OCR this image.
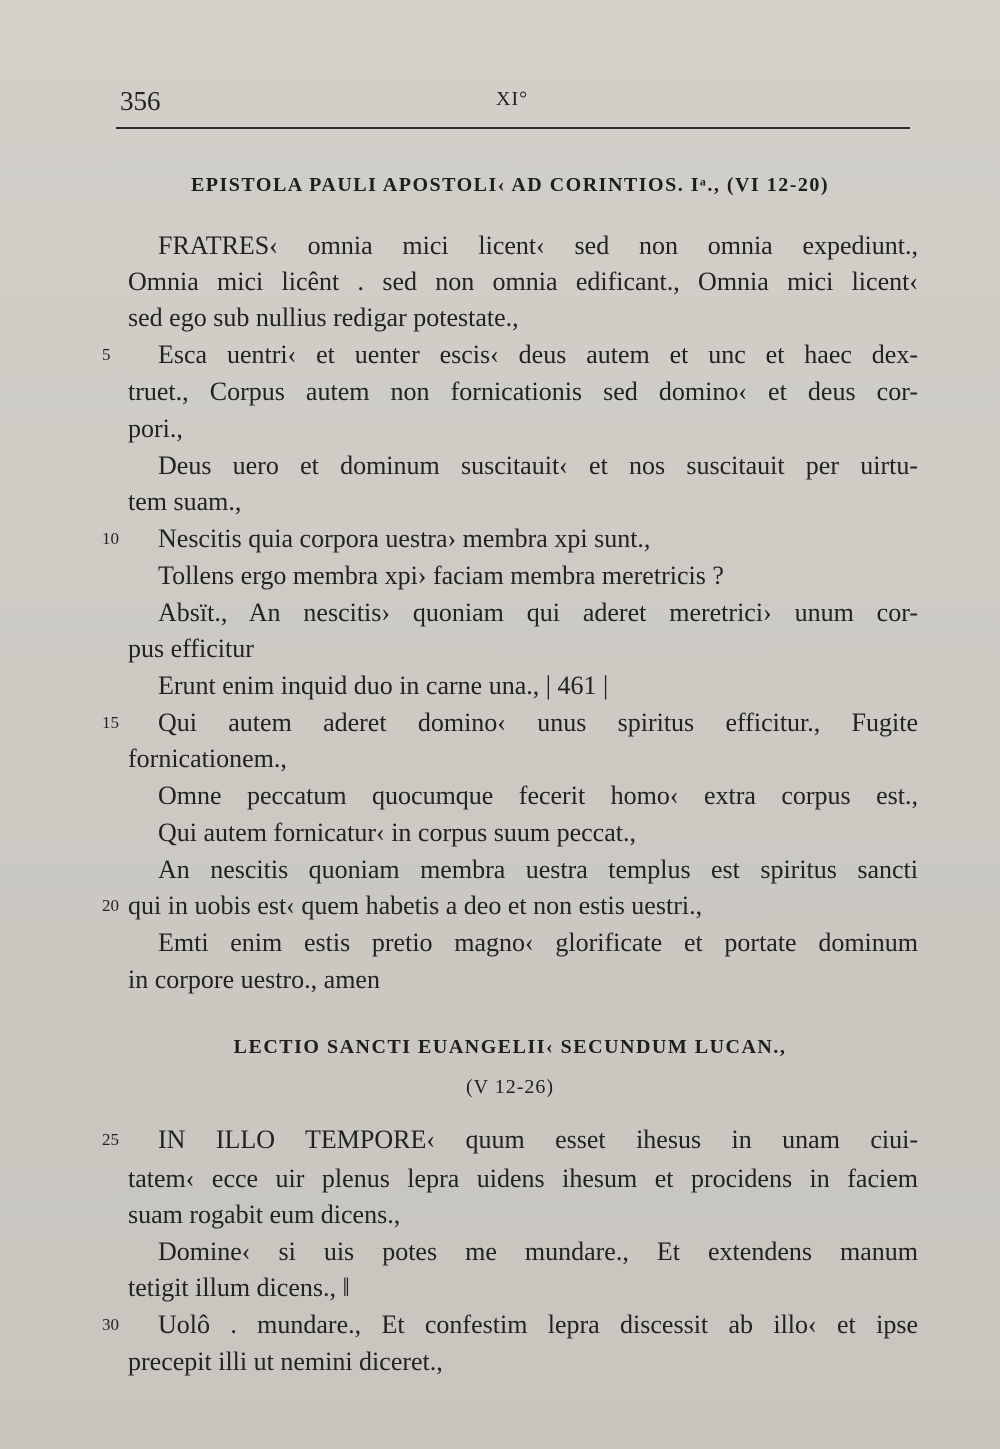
356	XI°
EPISTOLA PAULI APOSTOLI‹ AD CORINTIOS. Iᵃ., (VI 12-20)
FRATRES‹ omnia mici licent‹ sed non omnia expediunt.,
Omnia mici licênt . sed non omnia edificant., Omnia mici licent‹
sed ego sub nullius redigar potestate.,
5 Esca uentri‹ et uenter escis‹ deus autem et unc et haec dex-
truet., Corpus autem non fornicationis sed domino‹ et deus cor-
pori.,
Deus uero et dominum suscitauit‹ et nos suscitauit per uirtu-
tem suam.,
10 Nescitis quia corpora uestra› membra xpi sunt.,
Tollens ergo membra xpi› faciam membra meretricis ?
Absït., An nescitis› quoniam qui aderet meretrici› unum cor-
pus efficitur
Erunt enim inquid duo in carne una., | 461 |
15 Qui autem aderet domino‹ unus spiritus efficitur., Fugite
fornicationem.,
Omne peccatum quocumque fecerit homo‹ extra corpus est.,
Qui autem fornicatur‹ in corpus suum peccat.,
An nescitis quoniam membra uestra templus est spiritus sancti
20 qui in uobis est‹ quem habetis a deo et non estis uestri.,
Emti enim estis pretio magno‹ glorificate et portate dominum
in corpore uestro., amen
LECTIO SANCTI EUANGELII‹ SECUNDUM LUCAN.,
(V 12-26)
25 IN ILLO TEMPORE‹ quum esset ihesus in unam ciui-
tatem‹ ecce uir plenus lepra uidens ihesum et procidens in faciem
suam rogabit eum dicens.,
Domine‹ si uis potes me mundare., Et extendens manum
tetigit illum dicens., ‖
30 Uolô . mundare., Et confestim lepra discessit ab illo‹ et ipse
precepit illi ut nemini diceret.,
